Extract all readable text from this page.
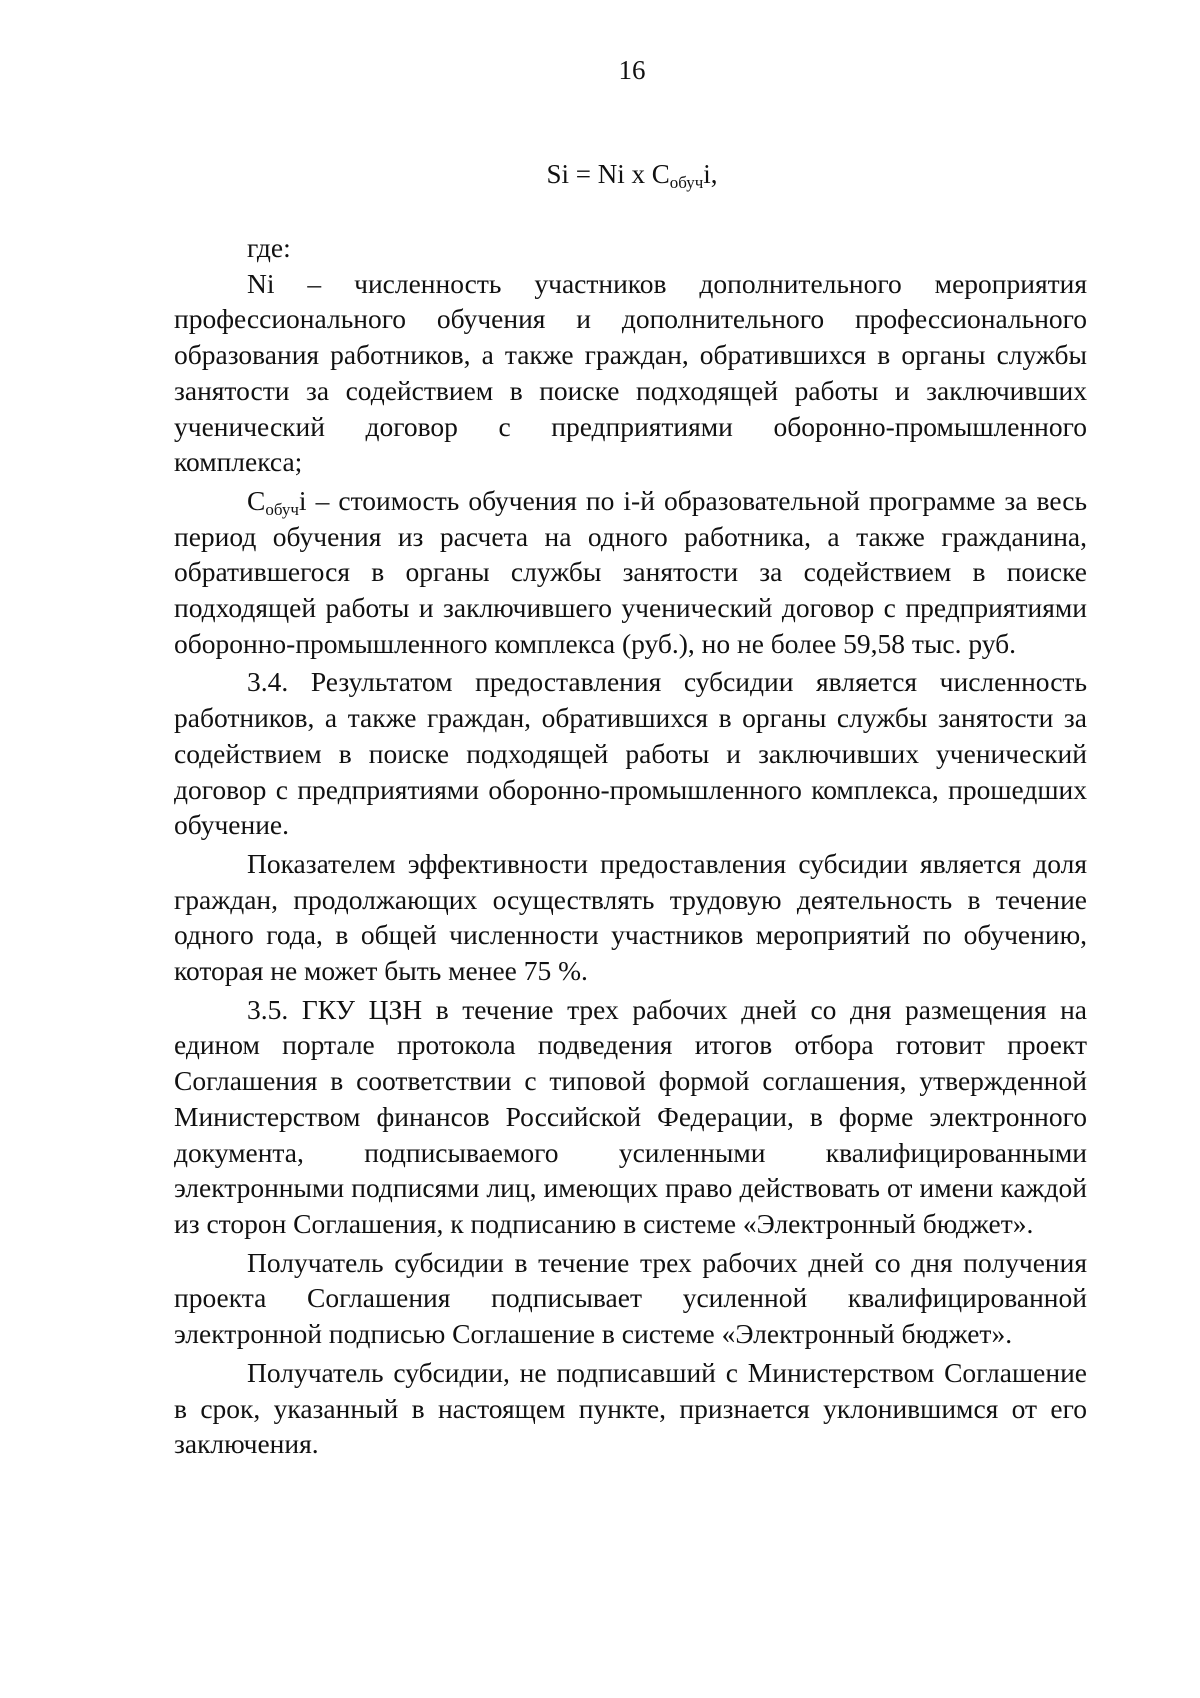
16
Si = Ni x $С_{обуч}i$,

где:

Ni – численность участников дополнительного мероприятия профессионального обучения и дополнительного профессионального образования работников, а также граждан, обратившихся в органы службы занятости за содействием в поиске подходящей работы и заключивших ученический договор с предприятиями оборонно-промышленного комплекса;

$С_{обуч}i$ – стоимость обучения по i-й образовательной программе за весь период обучения из расчета на одного работника, а также гражданина, обратившегося в органы службы занятости за содействием в поиске подходящей работы и заключившего ученический договор с предприятиями оборонно-промышленного комплекса (руб.), но не более 59,58 тыс. руб.

3.4. Результатом предоставления субсидии является численность работников, а также граждан, обратившихся в органы службы занятости за содействием в поиске подходящей работы и заключивших ученический договор с предприятиями оборонно-промышленного комплекса, прошедших обучение.

Показателем эффективности предоставления субсидии является доля граждан, продолжающих осуществлять трудовую деятельность в течение одного года, в общей численности участников мероприятий по обучению, которая не может быть менее 75 %.

3.5. ГКУ ЦЗН в течение трех рабочих дней со дня размещения на едином портале протокола подведения итогов отбора готовит проект Соглашения в соответствии с типовой формой соглашения, утвержденной Министерством финансов Российской Федерации, в форме электронного документа, подписываемого усиленными квалифицированными электронными подписями лиц, имеющих право действовать от имени каждой из сторон Соглашения, к подписанию в системе «Электронный бюджет».

Получатель субсидии в течение трех рабочих дней со дня получения проекта Соглашения подписывает усиленной квалифицированной электронной подписью Соглашение в системе «Электронный бюджет».

Получатель субсидии, не подписавший с Министерством Соглашение в срок, указанный в настоящем пункте, признается уклонившимся от его заключения.
